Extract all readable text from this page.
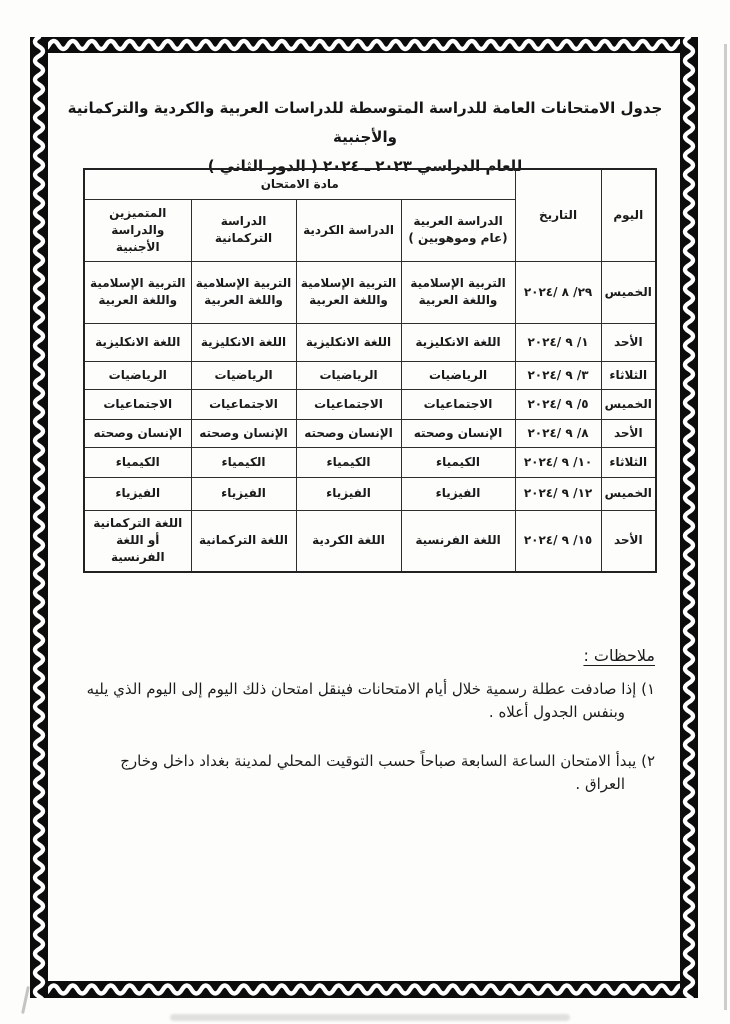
جدول الامتحانات العامة للدراسة المتوسطة للدراسات العربية والكردية والتركمانية والأجنبية
للعام الدراسي ٢٠٢٣ ـ ٢٠٢٤ ( الدور الثاني )
اليوم	التاريخ	مادة الامتحان			
		الدراسة العربية (عام وموهوبين )	الدراسة الكردية	الدراسة التركمانية	المتميزين والدراسة الأجنبية
الخميس	٢٩/ ٨ /٢٠٢٤	التربية الإسلامية واللغة العربية	التربية الإسلامية واللغة العربية	التربية الإسلامية واللغة العربية	التربية الإسلامية واللغة العربية
الأحد	١/ ٩ /٢٠٢٤	اللغة الانكليزية	اللغة الانكليزية	اللغة الانكليزية	اللغة الانكليزية
الثلاثاء	٣/ ٩ /٢٠٢٤	الرياضيات	الرياضيات	الرياضيات	الرياضيات
الخميس	٥/ ٩ /٢٠٢٤	الاجتماعيات	الاجتماعيات	الاجتماعيات	الاجتماعيات
الأحد	٨/ ٩ /٢٠٢٤	الإنسان وصحته	الإنسان وصحته	الإنسان وصحته	الإنسان وصحته
الثلاثاء	١٠/ ٩ /٢٠٢٤	الكيمياء	الكيمياء	الكيمياء	الكيمياء
الخميس	١٢/ ٩ /٢٠٢٤	الفيزياء	الفيزياء	الفيزياء	الفيزياء
الأحد	١٥/ ٩ /٢٠٢٤	اللغة الفرنسية	اللغة الكردية	اللغة التركمانية	اللغة التركمانية أو اللغة الفرنسية
ملاحظات :
١) إذا صادفت عطلة رسمية خلال أيام الامتحانات فينقل امتحان ذلك اليوم إلى اليوم الذي يليه
وبنفس الجدول أعلاه .
٢) يبدأ الامتحان الساعة السابعة صباحاً حسب التوقيت المحلي لمدينة بغداد داخل وخارج
العراق .
